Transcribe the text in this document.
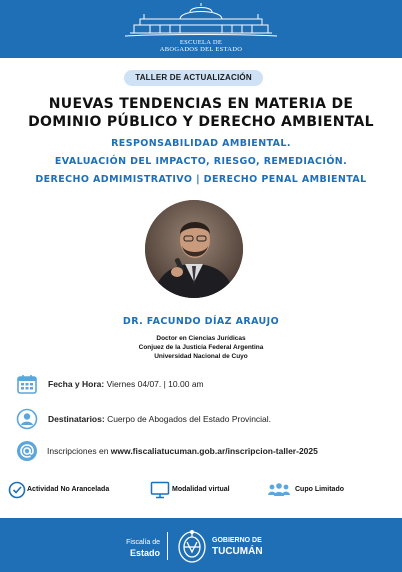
ESCUELA DE
ABOGADOS DEL ESTADO
TALLER DE ACTUALIZACIÓN
NUEVAS TENDENCIAS EN MATERIA DE
DOMINIO PÚBLICO Y DERECHO AMBIENTAL
RESPONSABILIDAD AMBIENTAL.
EVALUACIÓN DEL IMPACTO, RIESGO, REMEDIACIÓN.
DERECHO ADMIMISTRATIVO | DERECHO PENAL AMBIENTAL
DR. FACUNDO DÍAZ ARAUJO
Doctor en Ciencias Jurídicas
Conjuez de la Justicia Federal Argentina
Universidad Nacional de Cuyo
Fecha y Hora: Viernes 04/07. | 10.00 am
Destinatarios: Cuerpo de Abogados del Estado Provincial.
Inscripciones en www.fiscaliatucuman.gob.ar/inscripcion-taller-2025
Actividad No Arancelada	Modalidad virtual	Cupo Limitado
Fiscalía de
Estado
GOBIERNO DE
TUCUMÁN
